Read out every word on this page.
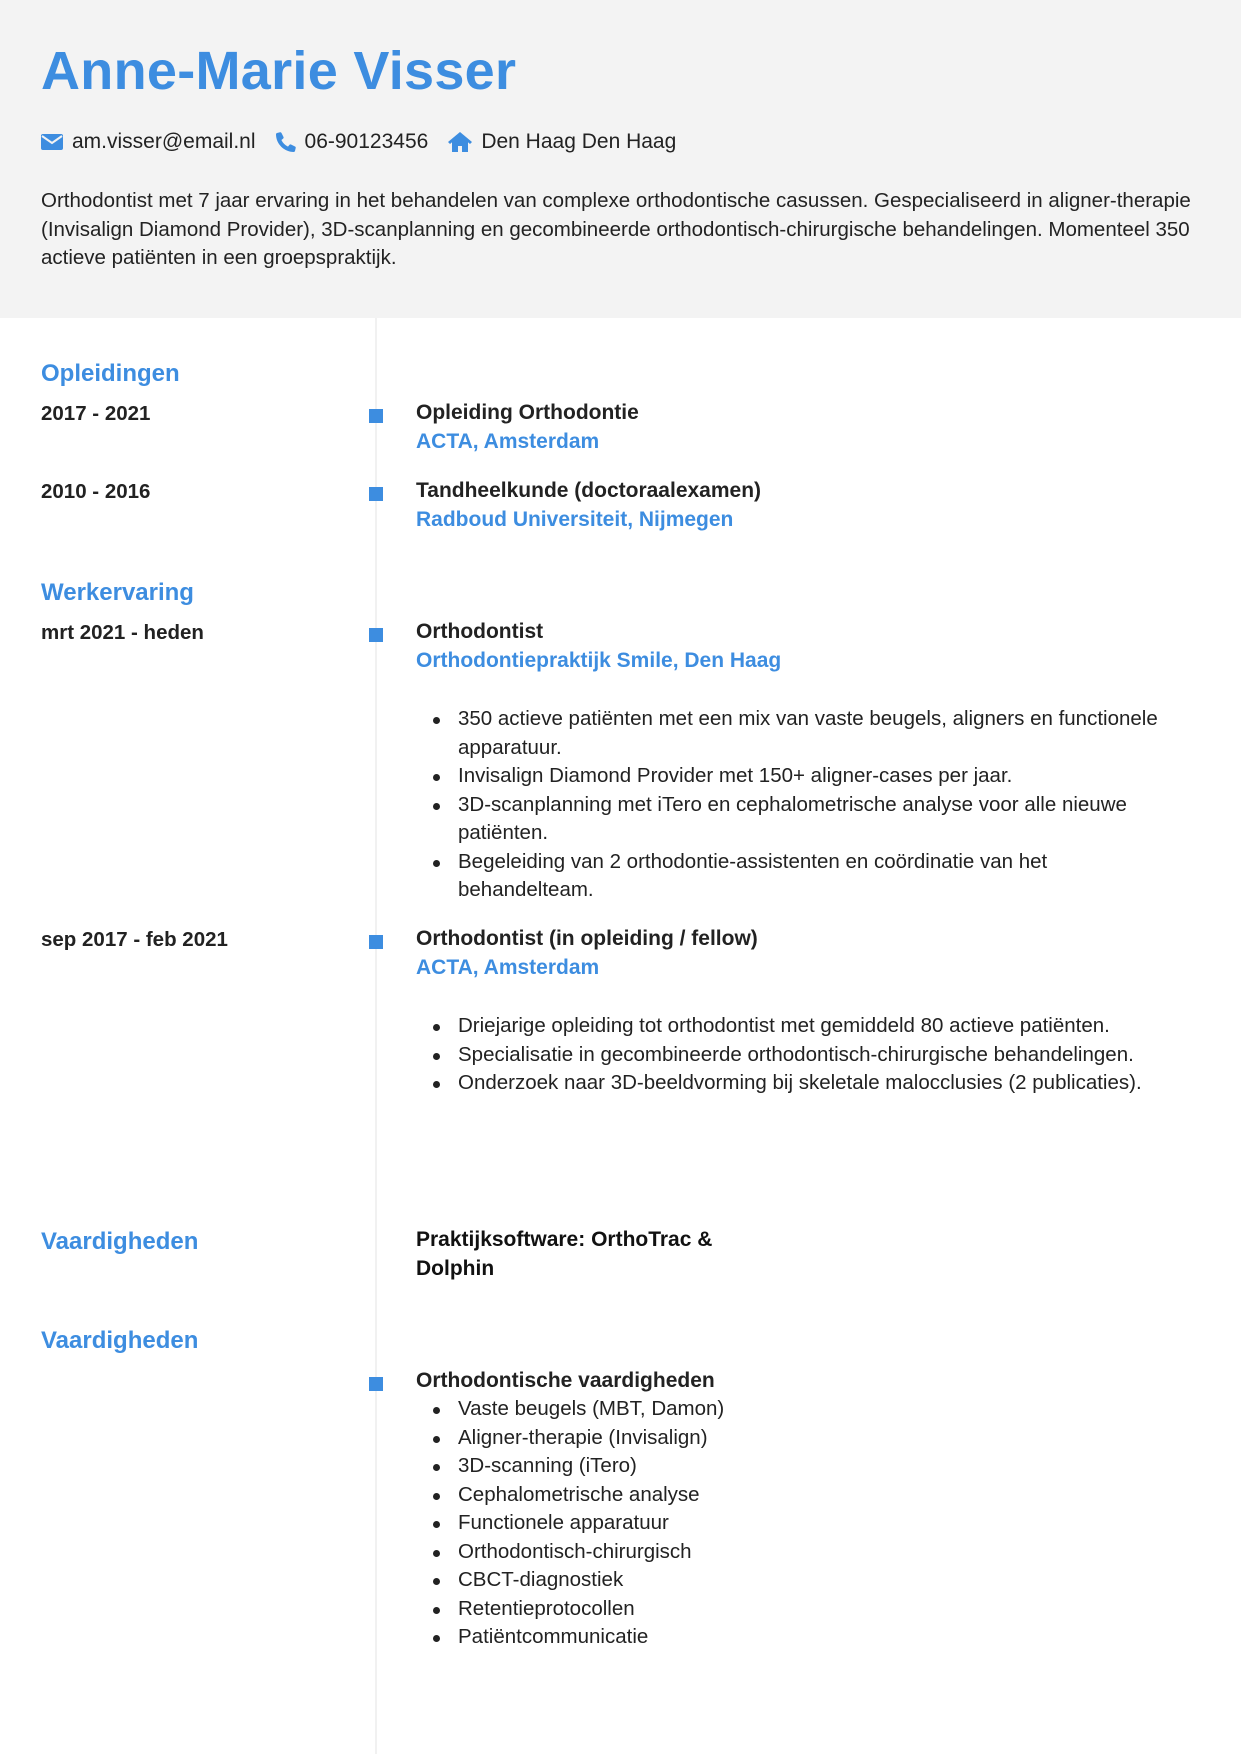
Anne-Marie Visser
am.visser@email.nl 06-90123456	Den Haag Den Haag
Orthodontist met 7 jaar ervaring in het behandelen van complexe orthodontische casussen. Gespecialiseerd in aligner-therapie (Invisalign Diamond Provider), 3D-scanplanning en gecombineerde orthodontisch-chirurgische behandelingen. Momenteel 350 actieve patiënten in een groepspraktijk.
Opleidingen
2017 - 2021	Opleiding Orthodontie
ACTA, Amsterdam
2010 - 2016	Tandheelkunde (doctoraalexamen)
Radboud Universiteit, Nijmegen
Werkervaring
mrt 2021 - heden	Orthodontist
Orthodontiepraktijk Smile, Den Haag
350 actieve patiënten met een mix van vaste beugels, aligners en functionele apparatuur.
Invisalign Diamond Provider met 150+ aligner-cases per jaar.
3D-scanplanning met iTero en cephalometrische analyse voor alle nieuwe patiënten.
Begeleiding van 2 orthodontie-assistenten en coördinatie van het behandelteam.
sep 2017 - feb 2021	Orthodontist (in opleiding / fellow)
ACTA, Amsterdam
Driejarige opleiding tot orthodontist met gemiddeld 80 actieve patiënten.
Specialisatie in gecombineerde orthodontisch-chirurgische behandelingen.
Onderzoek naar 3D-beeldvorming bij skeletale malocclusies (2 publicaties).
Vaardigheden	Praktijksoftware: OrthoTrac & Dolphin
Vaardigheden
Orthodontische vaardigheden
Vaste beugels (MBT, Damon)
Aligner-therapie (Invisalign)
3D-scanning (iTero)
Cephalometrische analyse
Functionele apparatuur
Orthodontisch-chirurgisch
CBCT-diagnostiek
Retentieprotocollen
Patiëntcommunicatie
